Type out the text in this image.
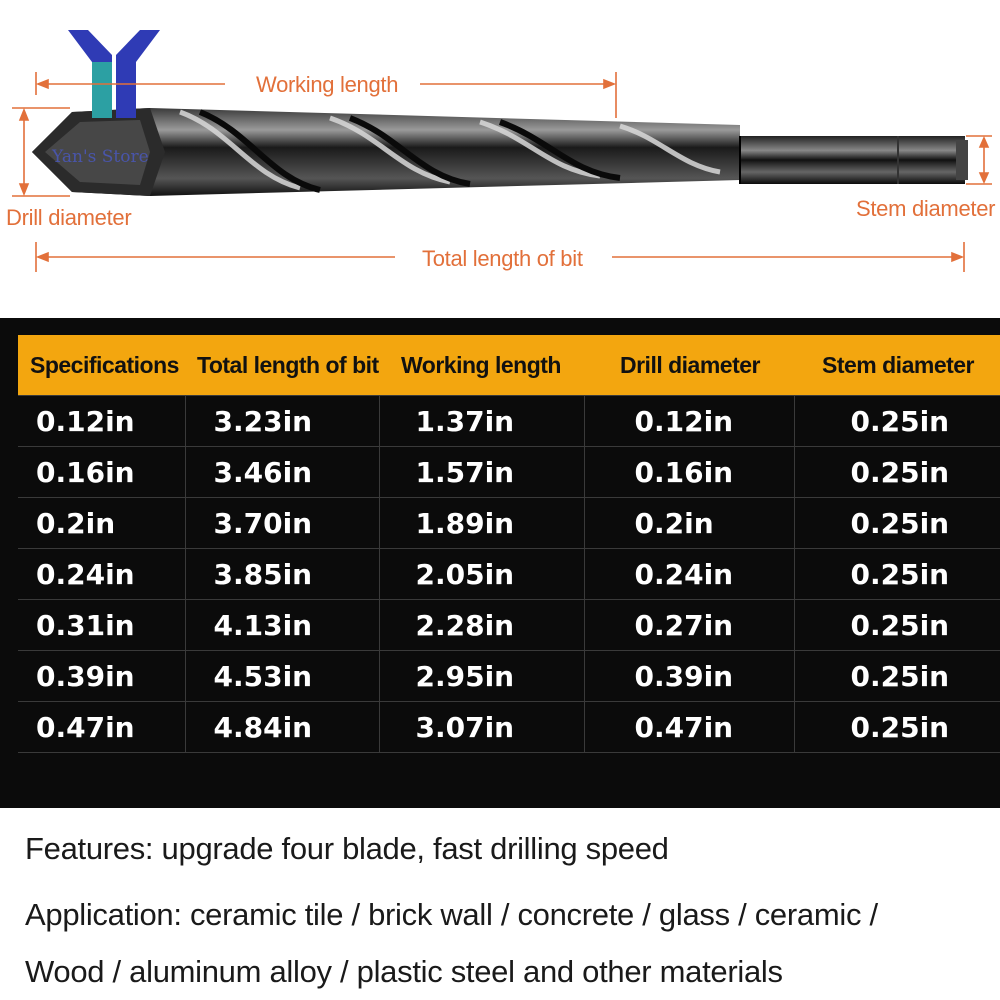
Yan's Store
Working length
Drill diameter	Stem diameter
Total length of bit
Specifications	Total length of bit	Working length	Drill diameter	Stem diameter
0.12in	3.23in	1.37in	0.12in	0.25in
0.16in	3.46in	1.57in	0.16in	0.25in
0.2in	3.70in	1.89in	0.2in	0.25in
0.24in	3.85in	2.05in	0.24in	0.25in
0.31in	4.13in	2.28in	0.27in	0.25in
0.39in	4.53in	2.95in	0.39in	0.25in
0.47in	4.84in	3.07in	0.47in	0.25in
Features: upgrade four blade, fast drilling speed
Application: ceramic tile / brick wall / concrete / glass / ceramic /
Wood / aluminum alloy / plastic steel and other materials
